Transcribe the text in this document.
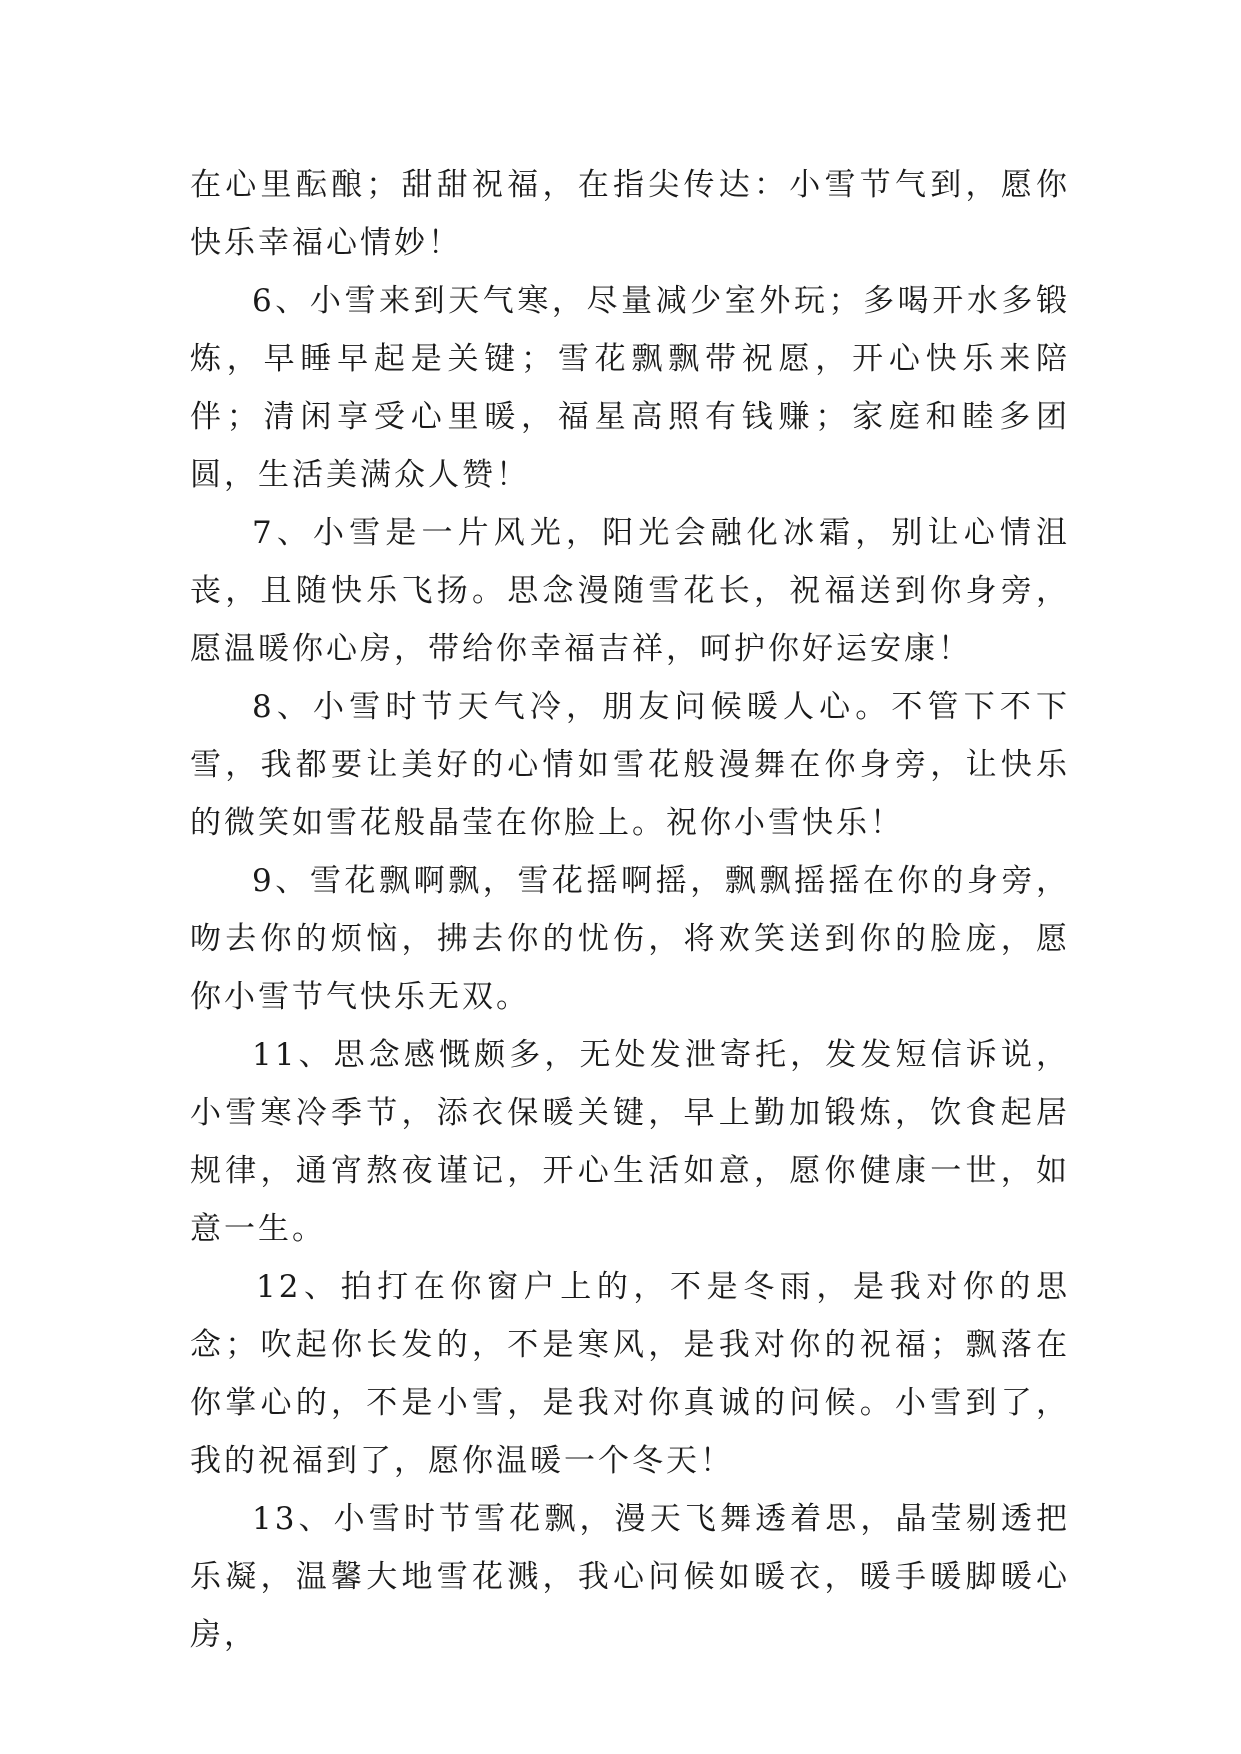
在心里酝酿；甜甜祝福，在指尖传达：小雪节气到，愿你快乐幸福心情妙！

6、小雪来到天气寒，尽量减少室外玩；多喝开水多锻炼，早睡早起是关键；雪花飘飘带祝愿，开心快乐来陪伴；清闲享受心里暖，福星高照有钱赚；家庭和睦多团圆，生活美满众人赞！

7、小雪是一片风光，阳光会融化冰霜，别让心情沮丧，且随快乐飞扬。思念漫随雪花长，祝福送到你身旁，愿温暖你心房，带给你幸福吉祥，呵护你好运安康！

8、小雪时节天气冷，朋友问候暖人心。不管下不下雪，我都要让美好的心情如雪花般漫舞在你身旁，让快乐的微笑如雪花般晶莹在你脸上。祝你小雪快乐！

9、雪花飘啊飘，雪花摇啊摇，飘飘摇摇在你的身旁，吻去你的烦恼，拂去你的忧伤，将欢笑送到你的脸庞，愿你小雪节气快乐无双。

11、思念感慨颇多，无处发泄寄托，发发短信诉说，小雪寒冷季节，添衣保暖关键，早上勤加锻炼，饮食起居规律，通宵熬夜谨记，开心生活如意，愿你健康一世，如意一生。

12、拍打在你窗户上的，不是冬雨，是我对你的思念；吹起你长发的，不是寒风，是我对你的祝福；飘落在你掌心的，不是小雪，是我对你真诚的问候。小雪到了，我的祝福到了，愿你温暖一个冬天！

13、小雪时节雪花飘，漫天飞舞透着思，晶莹剔透把乐凝，温馨大地雪花溅，我心问候如暖衣，暖手暖脚暖心房，
